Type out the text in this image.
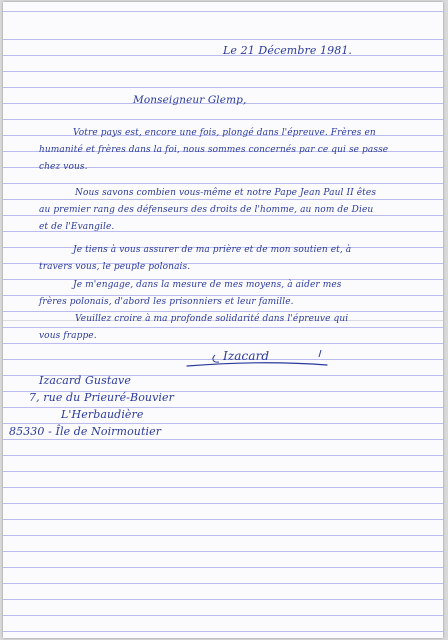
Le 21 Décembre 1981.

Monseigneur Glemp,

Votre pays est, encore une fois, plongé dans l'épreuve. Frères en

humanité et frères dans la foi, nous sommes concernés par ce qui se passe

chez vous.

Nous savons combien vous-même et notre Pape Jean Paul II êtes

au premier rang des défenseurs des droits de l'homme, au nom de Dieu

et de l'Evangile.

Je tiens à vous assurer de ma prière et de mon soutien et, à

travers vous, le peuple polonais.

Je m'engage, dans la mesure de mes moyens, à aider mes

frères polonais, d'abord les prisonniers et leur famille.

Veuillez croire à ma profonde solidarité dans l'épreuve qui

vous frappe.

Izacard

Izacard Gustave

7, rue du Prieuré-Bouvier

L'Herbaudière

85330 - Île de Noirmoutier
